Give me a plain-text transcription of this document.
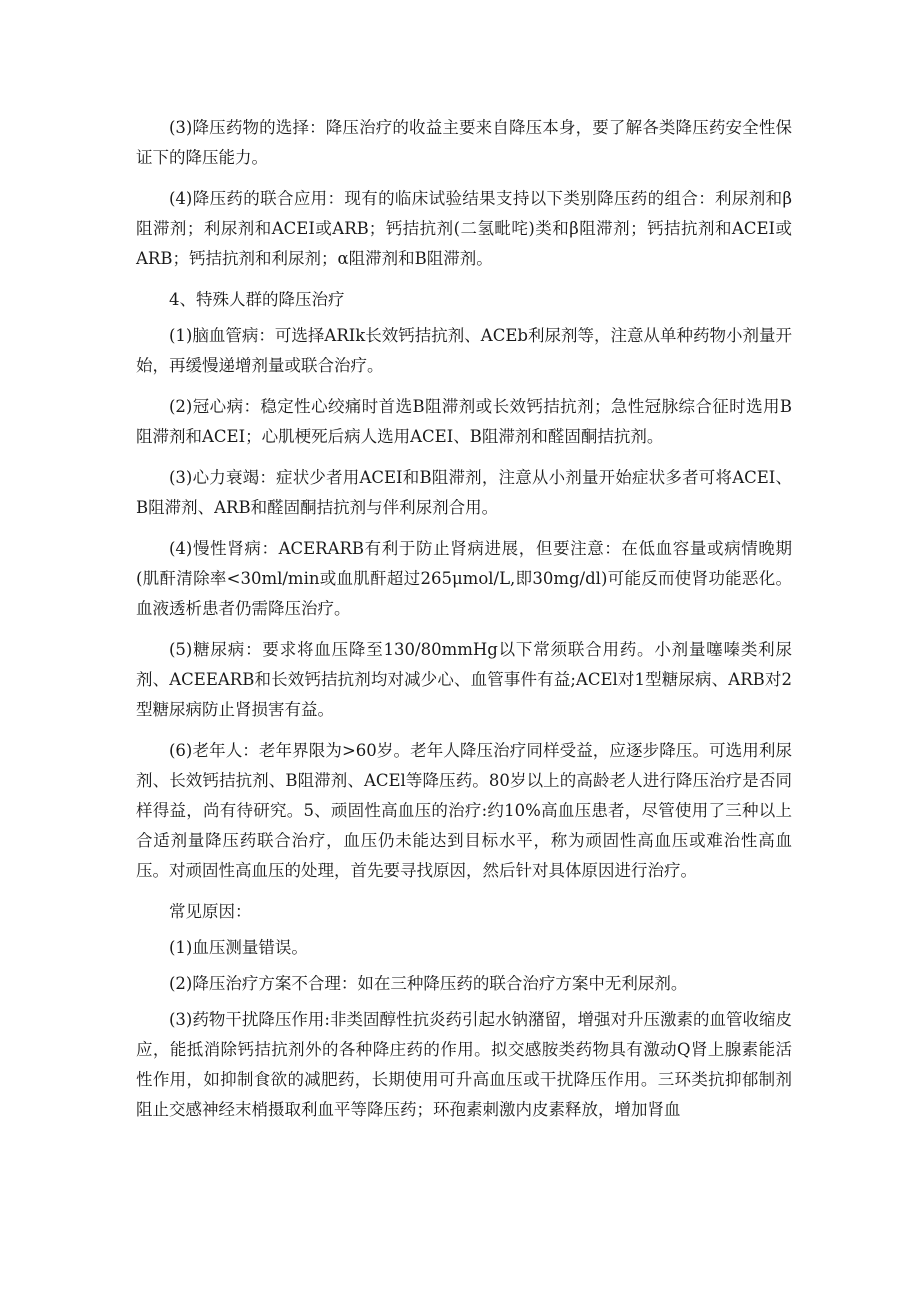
(3)降压药物的选择：降压治疗的收益主要来自降压本身，要了解各类降压药安全性保证下的降压能力。

(4)降压药的联合应用：现有的临床试验结果支持以下类别降压药的组合：利尿剂和β阻滞剂；利尿剂和ACEI或ARB；钙拮抗剂(二氢毗咤)类和β阻滞剂；钙拮抗剂和ACEI或ARB；钙拮抗剂和利尿剂；α阻滞剂和B阻滞剂。

4、特殊人群的降压治疗

(1)脑血管病：可选择ARIk长效钙拮抗剂、ACEb利尿剂等，注意从单种药物小剂量开始，再缓慢递增剂量或联合治疗。

(2)冠心病：稳定性心绞痛时首选B阻滞剂或长效钙拮抗剂；急性冠脉综合征时选用B阻滞剂和ACEI；心肌梗死后病人选用ACEI、B阻滞剂和醛固酮拮抗剂。

(3)心力衰竭：症状少者用ACEI和B阻滞剂，注意从小剂量开始症状多者可将ACEI、B阻滞剂、ARB和醛固酮拮抗剂与伴利尿剂合用。

(4)慢性肾病：ACERARB有利于防止肾病进展，但要注意：在低血容量或病情晚期(肌酐清除率<30ml/min或血肌酐超过265μmol/L,即30mg/dl)可能反而使肾功能恶化。血液透析患者仍需降压治疗。

(5)糖尿病：要求将血压降至130/80mmHg以下常须联合用药。小剂量噻嗪类利尿剂、ACEEARB和长效钙拮抗剂均对减少心、血管事件有益;ACEl对1型糖尿病、ARB对2型糖尿病防止肾损害有益。

(6)老年人：老年界限为>60岁。老年人降压治疗同样受益，应逐步降压。可选用利尿剂、长效钙拮抗剂、B阻滞剂、ACEl等降压药。80岁以上的高龄老人进行降压治疗是否同样得益，尚有待研究。5、顽固性高血压的治疗:约10%高血压患者，尽管使用了三种以上合适剂量降压药联合治疗，血压仍未能达到目标水平，称为顽固性高血压或难治性高血压。对顽固性高血压的处理，首先要寻找原因，然后针对具体原因进行治疗。

常见原因：

(1)血压测量错误。

(2)降压治疗方案不合理：如在三种降压药的联合治疗方案中无利尿剂。

(3)药物干扰降压作用:非类固醇性抗炎药引起水钠潴留，增强对升压激素的血管收缩皮应，能抵消除钙拮抗剂外的各种降庄药的作用。拟交感胺类药物具有激动Q肾上腺素能活性作用，如抑制食欲的减肥药，长期使用可升高血压或干扰降压作用。三环类抗抑郁制剂阻止交感神经末梢摄取利血平等降压药；环孢素刺激内皮素释放，增加肾血
